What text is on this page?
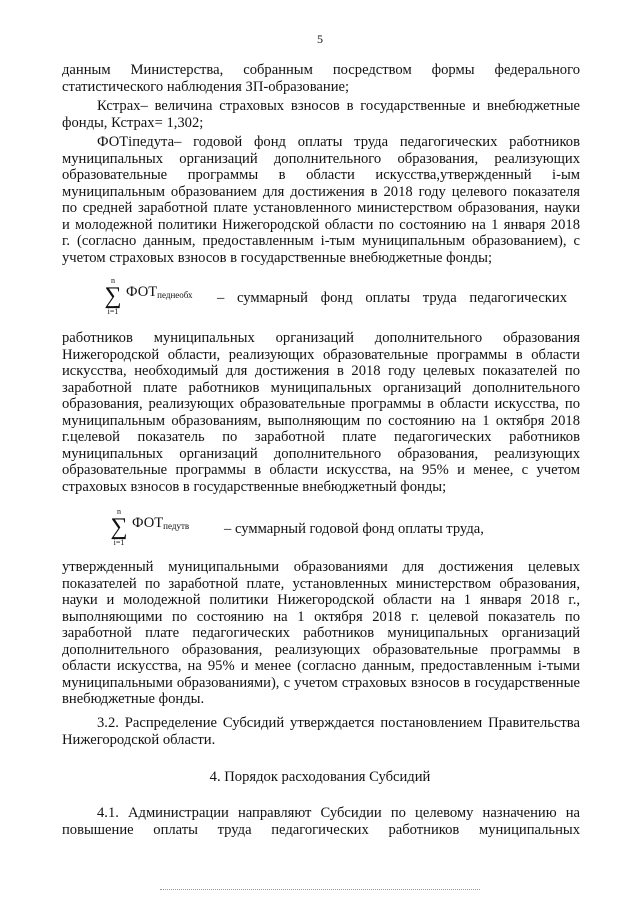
5
данным Министерства, собранным посредством формы федерального
статистического наблюдения ЗП-образование;
Кстрах– величина страховых взносов в государственные и внебюджетные
фонды, Кстрах= 1,302;
ФОТiпедута– годовой фонд оплаты труда педагогических работников
муниципальных организаций дополнительного образования, реализующих
образовательные программы в области искусства,утвержденный i-ым
муниципальным образованием для достижения в 2018 году целевого показателя
по средней заработной плате установленного министерством образования, науки
и молодежной политики Нижегородской области по состоянию на 1 января 2018
г. (согласно данным, предоставленным i-тым муниципальным образованием), с
учетом страховых взносов в государственные внебюджетные фонды;
n
∑
i=1
$ФОТ_{педнеобх}$ – суммарный фонд оплаты труда педагогических
работников муниципальных организаций дополнительного образования
Нижегородской области, реализующих образовательные программы в области
искусства, необходимый для достижения в 2018 году целевых показателей по
заработной плате работников муниципальных организаций дополнительного
образования, реализующих образовательные программы в области искусства, по
муниципальным образованиям, выполняющим по состоянию на 1 октября 2018
г.целевой показатель по заработной плате педагогических работников
муниципальных организаций дополнительного образования, реализующих
образовательные программы в области искусства, на 95% и менее, с учетом
страховых взносов в государственные внебюджетный фонды;
n
∑
i=1
$ФОТ_{педутв}$ – суммарный годовой фонд оплаты труда,
утвержденный муниципальными образованиями для достижения целевых
показателей по заработной плате, установленных министерством образования,
науки и молодежной политики Нижегородской области на 1 января 2018 г.,
выполняющими по состоянию на 1 октября 2018 г. целевой показатель по
заработной плате педагогических работников муниципальных организаций
дополнительного образования, реализующих образовательные программы в
области искусства, на 95% и менее (согласно данным, предоставленным i-тыми
муниципальными образованиями), с учетом страховых взносов в государственные
внебюджетные фонды.
3.2. Распределение Субсидий утверждается постановлением Правительства
Нижегородской области.
4. Порядок расходования Субсидий
4.1. Администрации направляют Субсидии по целевому назначению на
повышение оплаты труда педагогических работников муниципальных
